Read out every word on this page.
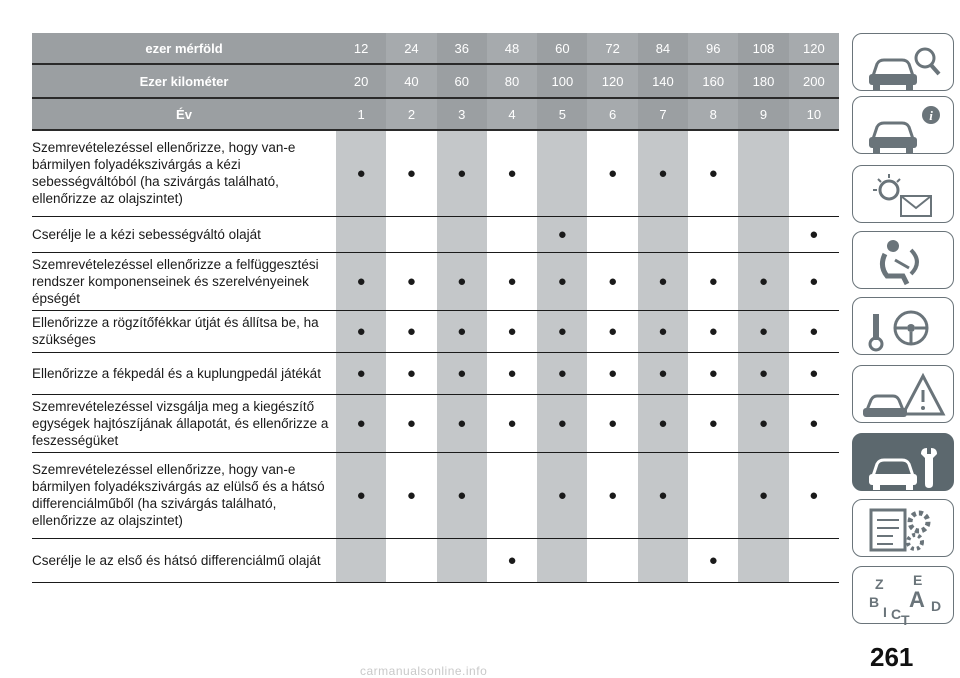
ezer mérföld	12	24	36	48	60	72	84	96	108	120
Ezer kilométer	20	40	60	80	100	120	140	160	180	200
Év	1	2	3	4	5	6	7	8	9	10
Szemrevételezéssel ellenőrizze, hogy van-e bármilyen folyadékszivárgás a kézi sebességváltóból (ha szivárgás található, ellenőrizze az olajszintet)	●	●	●	●		●	●	●		
Cserélje le a kézi sebességváltó olaját					●					●
Szemrevételezéssel ellenőrizze a felfüggesztési rendszer komponenseinek és szerelvényeinek épségét	●	●	●	●	●	●	●	●	●	●
Ellenőrizze a rögzítőfékkar útját és állítsa be, ha szükséges	●	●	●	●	●	●	●	●	●	●
Ellenőrizze a fékpedál és a kuplungpedál játékát	●	●	●	●	●	●	●	●	●	●
Szemrevételezéssel vizsgálja meg a kiegészítő egységek hajtószíjának állapotát, és ellenőrizze a feszességüket	●	●	●	●	●	●	●	●	●	●
Szemrevételezéssel ellenőrizze, hogy van-e bármilyen folyadékszivárgás az elülső és a hátsó differenciálműből (ha szivárgás található, ellenőrizze az olajszintet)	●	●	●		●	●	●		●	●
Cserélje le az első és hátsó differenciálmű olaját				●				●		
i
Z E
B A D
I C T
261
carmanualsonline.info
